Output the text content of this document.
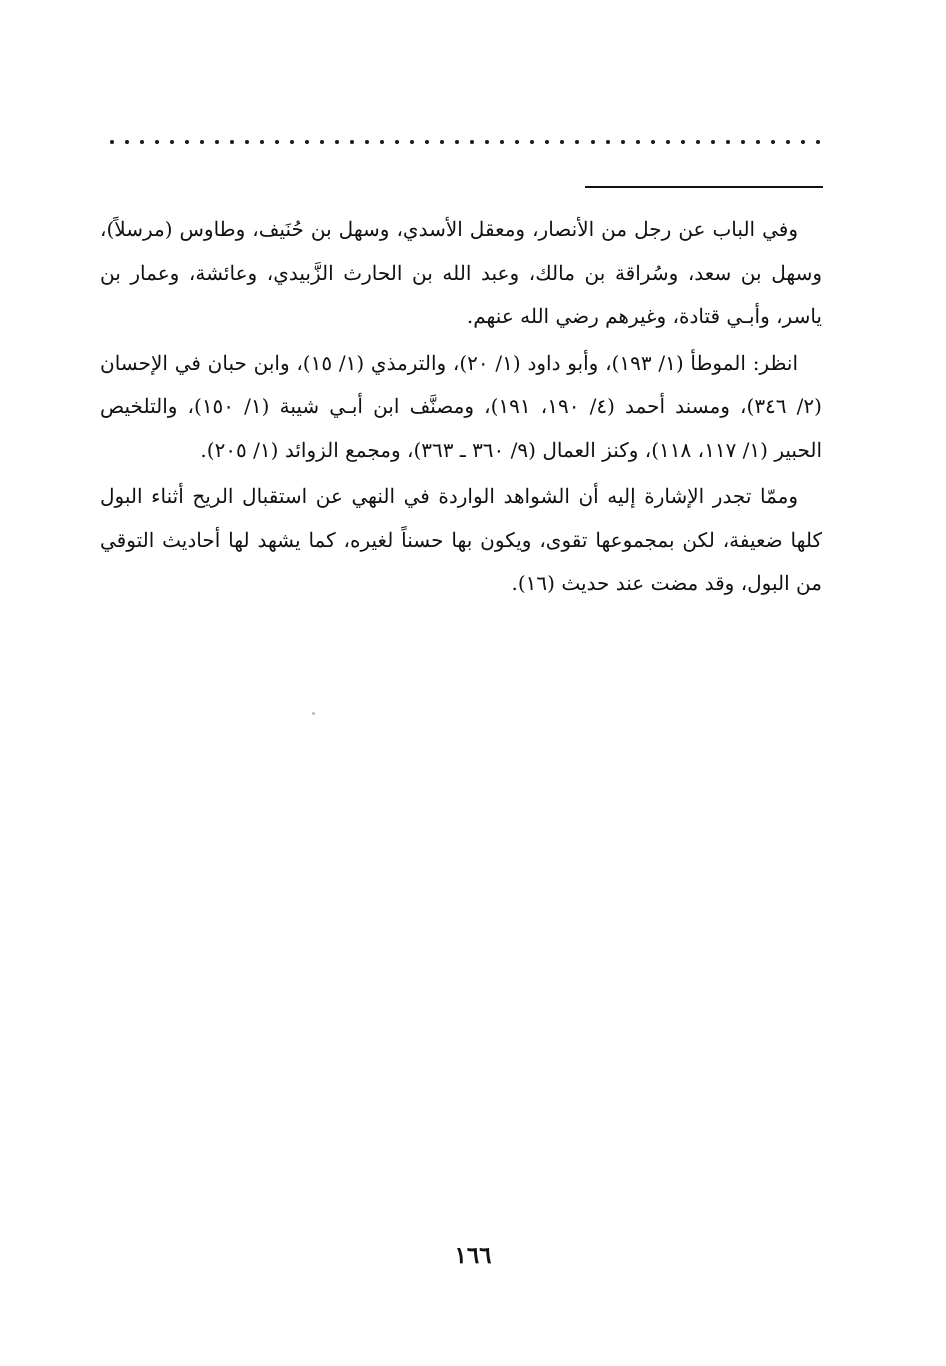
وفي الباب عن رجل من الأنصار، ومعقل الأسدي، وسهل بن حُنَيف، وطاوس (مرسلاً)، وسهل بن سعد، وسُراقة بن مالك، وعبد الله بن الحارث الزَّبيدي، وعائشة، وعمار بن ياسر، وأبـي قتادة، وغيرهم رضي الله عنهم.

انظر: الموطأ (١/ ١٩٣)، وأبو داود (١/ ٢٠)، والترمذي (١/ ١٥)، وابن حبان في الإحسان (٢/ ٣٤٦)، ومسند أحمد (٤/ ١٩٠، ١٩١)، ومصنَّف ابن أبـي شيبة (١/ ١٥٠)، والتلخيص الحبير (١/ ١١٧، ١١٨)، وكنز العمال (٩/ ٣٦٠ ـ ٣٦٣)، ومجمع الزوائد (١/ ٢٠٥).

وممّا تجدر الإشارة إليه أن الشواهد الواردة في النهي عن استقبال الريح أثناء البول كلها ضعيفة، لكن بمجموعها تقوى، ويكون بها حسناً لغيره، كما يشهد لها أحاديث التوقي من البول، وقد مضت عند حديث (١٦).

١٦٦
